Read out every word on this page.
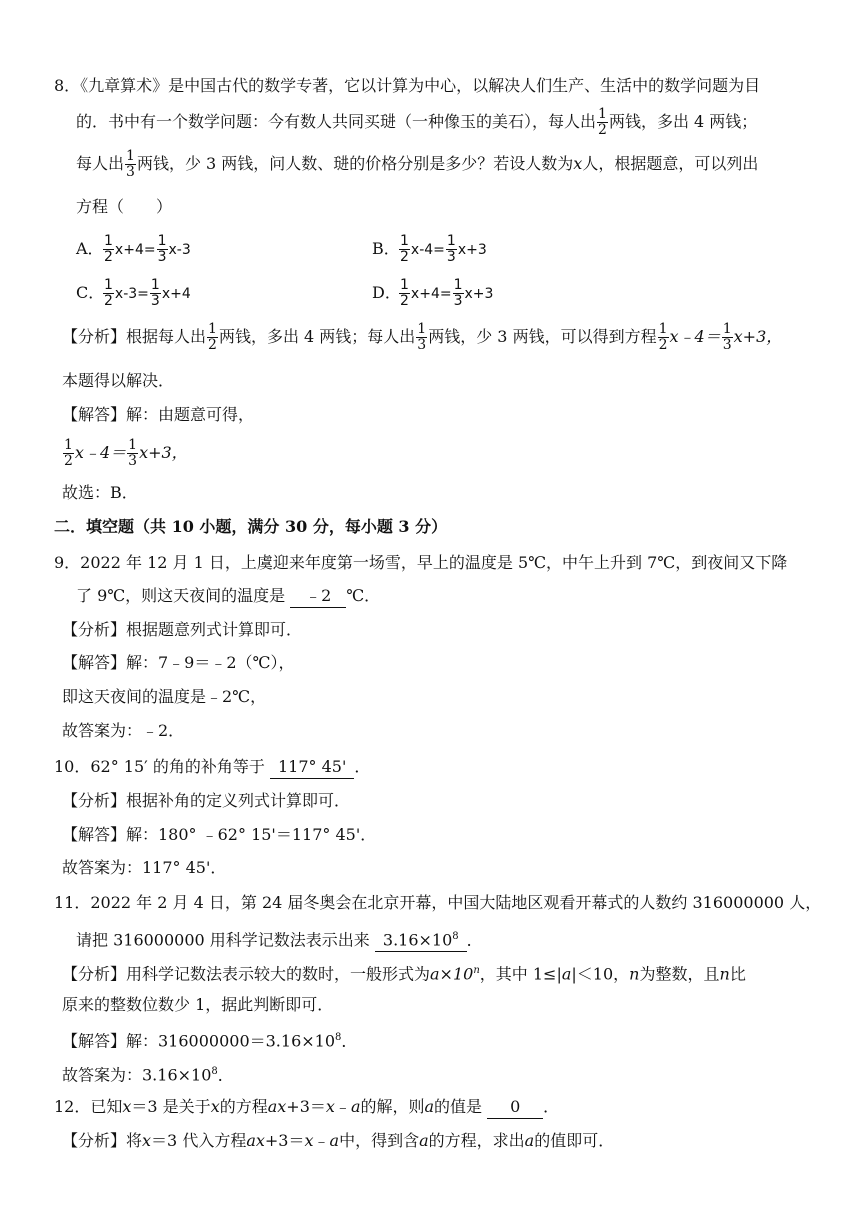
8．《九章算术》是中国古代的数学专著，它以计算为中心，以解决人们生产、生活中的数学问题为目
的．书中有一个数学问题：今有数人共同买琎（一种像玉的美石），每人出 $\frac{1}{2}$ 两钱，多出 4 两钱；
每人出 $\frac{1}{3}$ 两钱，少 3 两钱，问人数、琎的价格分别是多少？若设人数为x人，根据题意，可以列出
方程（　　）
A． $\frac{1}{2} x+4= \frac{1}{3} x-3$	B． $\frac{1}{2} x-4= \frac{1}{3} x+3$
C．
$\frac{1}{2} x-3= \frac{1}{3} x+4$	D．
$\frac{1}{2} x+4= \frac{1}{3} x+3$
【分析】根据每人出 $\frac{1}{2}$ 两钱，多出 4 两钱；每人出 $\frac{1}{3}$ 两钱，少 3 两钱，可以得到方程 $\frac{1}{2}$ x﹣4＝ $\frac{1}{3} x+3$，
本题得以解决．
【解答】解：由题意可得，
$\frac{1}{2}$ x﹣4＝ $\frac{1}{3} x+3$，
故选：B．
二．填空题（共 10 小题，满分 30 分，每小题 3 分）
9．2022 年 12 月 1 日，上虞迎来年度第一场雪，早上的温度是 5℃，中午上升到 7℃，到夜间又下降
了 9℃，则这天夜间的温度是 ﹣2 ℃．
【分析】根据题意列式计算即可．
【解答】解：7﹣9＝﹣2（℃），
即这天夜间的温度是﹣2℃，
故答案为：﹣2．
10．62° 15′ 的角的补角等于 117° 45' ．
【分析】根据补角的定义列式计算即可．
【解答】解：180° ﹣62° 15'＝117° 45'．
故答案为：117° 45'．
11．2022 年 2 月 4 日，第 24 届冬奥会在北京开幕，中国大陆地区观看开幕式的人数约 316000000 人，
请把 316000000 用科学记数法表示出来 $3.16\times 10^8$ ．
【分析】用科学记数法表示较大的数时，一般形式为$a\times 10^n$，其中 1≤|a|＜10，n为整数，且n比
原来的整数位数少 1，据此判断即可．
【解答】解：$316000000=3.16\times 10^8$．
故答案为：$3.16\times 10^8$．
12．已知x＝3 是关于x的方程ax+3＝x﹣a的解，则a的值是 0 ．
【分析】将x＝3 代入方程ax+3＝x﹣a中，得到含a的方程，求出a的值即可．
